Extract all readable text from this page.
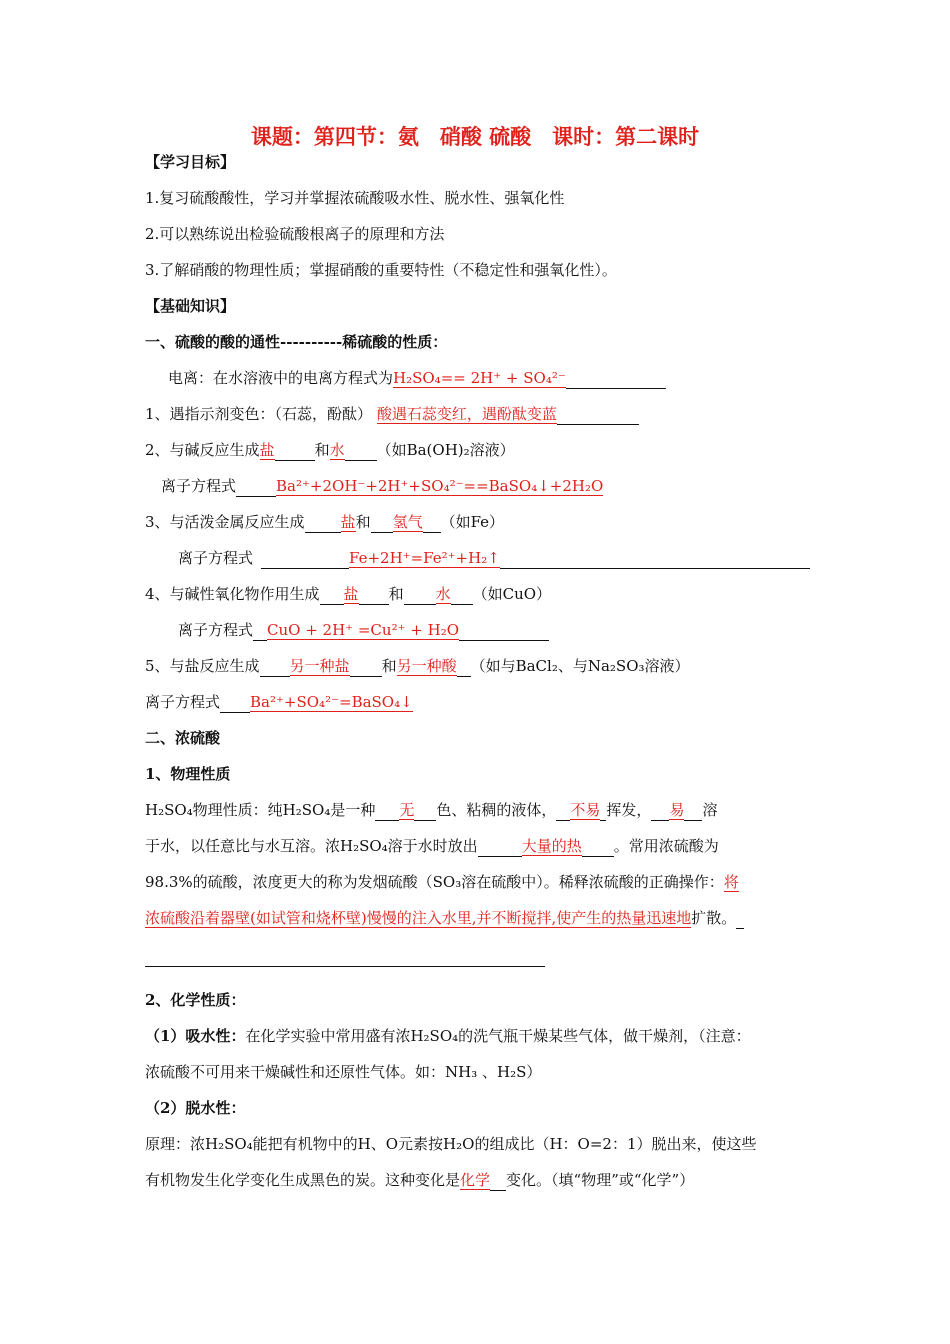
课题：第四节：氨　硝酸 硫酸　课时：第二课时
【学习目标】
1.复习硫酸酸性，学习并掌握浓硫酸吸水性、脱水性、强氧化性
2.可以熟练说出检验硫酸根离子的原理和方法
3.了解硝酸的物理性质；掌握硝酸的重要特性（不稳定性和强氧化性）。
【基础知识】
一、硫酸的酸的通性----------稀硫酸的性质：
电离：在水溶液中的电离方程式为H₂SO₄== 2H⁺ + SO₄²⁻
1、遇指示剂变色：（石蕊，酚酞） 酸遇石蕊变红，遇酚酞变蓝
2、与碱反应生成盐	和水 （如Ba(OH)₂溶液）
离子方程式	Ba²⁺+2OH⁻+2H⁺+SO₄²⁻==BaSO₄↓+2H₂O
3、与活泼金属反应生成 盐和 氢气 （如Fe）
离子方程式	Fe+2H⁺=Fe²⁺+H₂↑
4、与碱性氧化物作用生成 盐 和 水 （如CuO）
离子方程式 CuO + 2H⁺ =Cu²⁺ + H₂O
5、与盐反应生成 另一种盐 和另一种酸 （如与BaCl₂、与Na₂SO₃溶液）
离子方程式 Ba²⁺+SO₄²⁻=BaSO₄↓
二、浓硫酸
1、物理性质
H₂SO₄物理性质：纯H₂SO₄是一种 无 色、粘稠的液体， 不易 挥发， 易 溶
于水，以任意比与水互溶。浓H₂SO₄溶于水时放出	大量的热 。常用浓硫酸为
98.3%的硫酸，浓度更大的称为发烟硫酸（SO₃溶在硫酸中）。稀释浓硫酸的正确操作：将
浓硫酸沿着器壁(如试管和烧杯壁)慢慢的注入水里,并不断搅拌,使产生的热量迅速地扩散。
2、化学性质：
（1）吸水性：在化学实验中常用盛有浓H₂SO₄的洗气瓶干燥某些气体，做干燥剂，（注意：
浓硫酸不可用来干燥碱性和还原性气体。如：NH₃ 、H₂S）
（2）脱水性：
原理：浓H₂SO₄能把有机物中的H、O元素按H₂O的组成比（H：O=2：1）脱出来，使这些
有机物发生化学变化生成黑色的炭。这种变化是化学 变化。（填“物理”或“化学”）
